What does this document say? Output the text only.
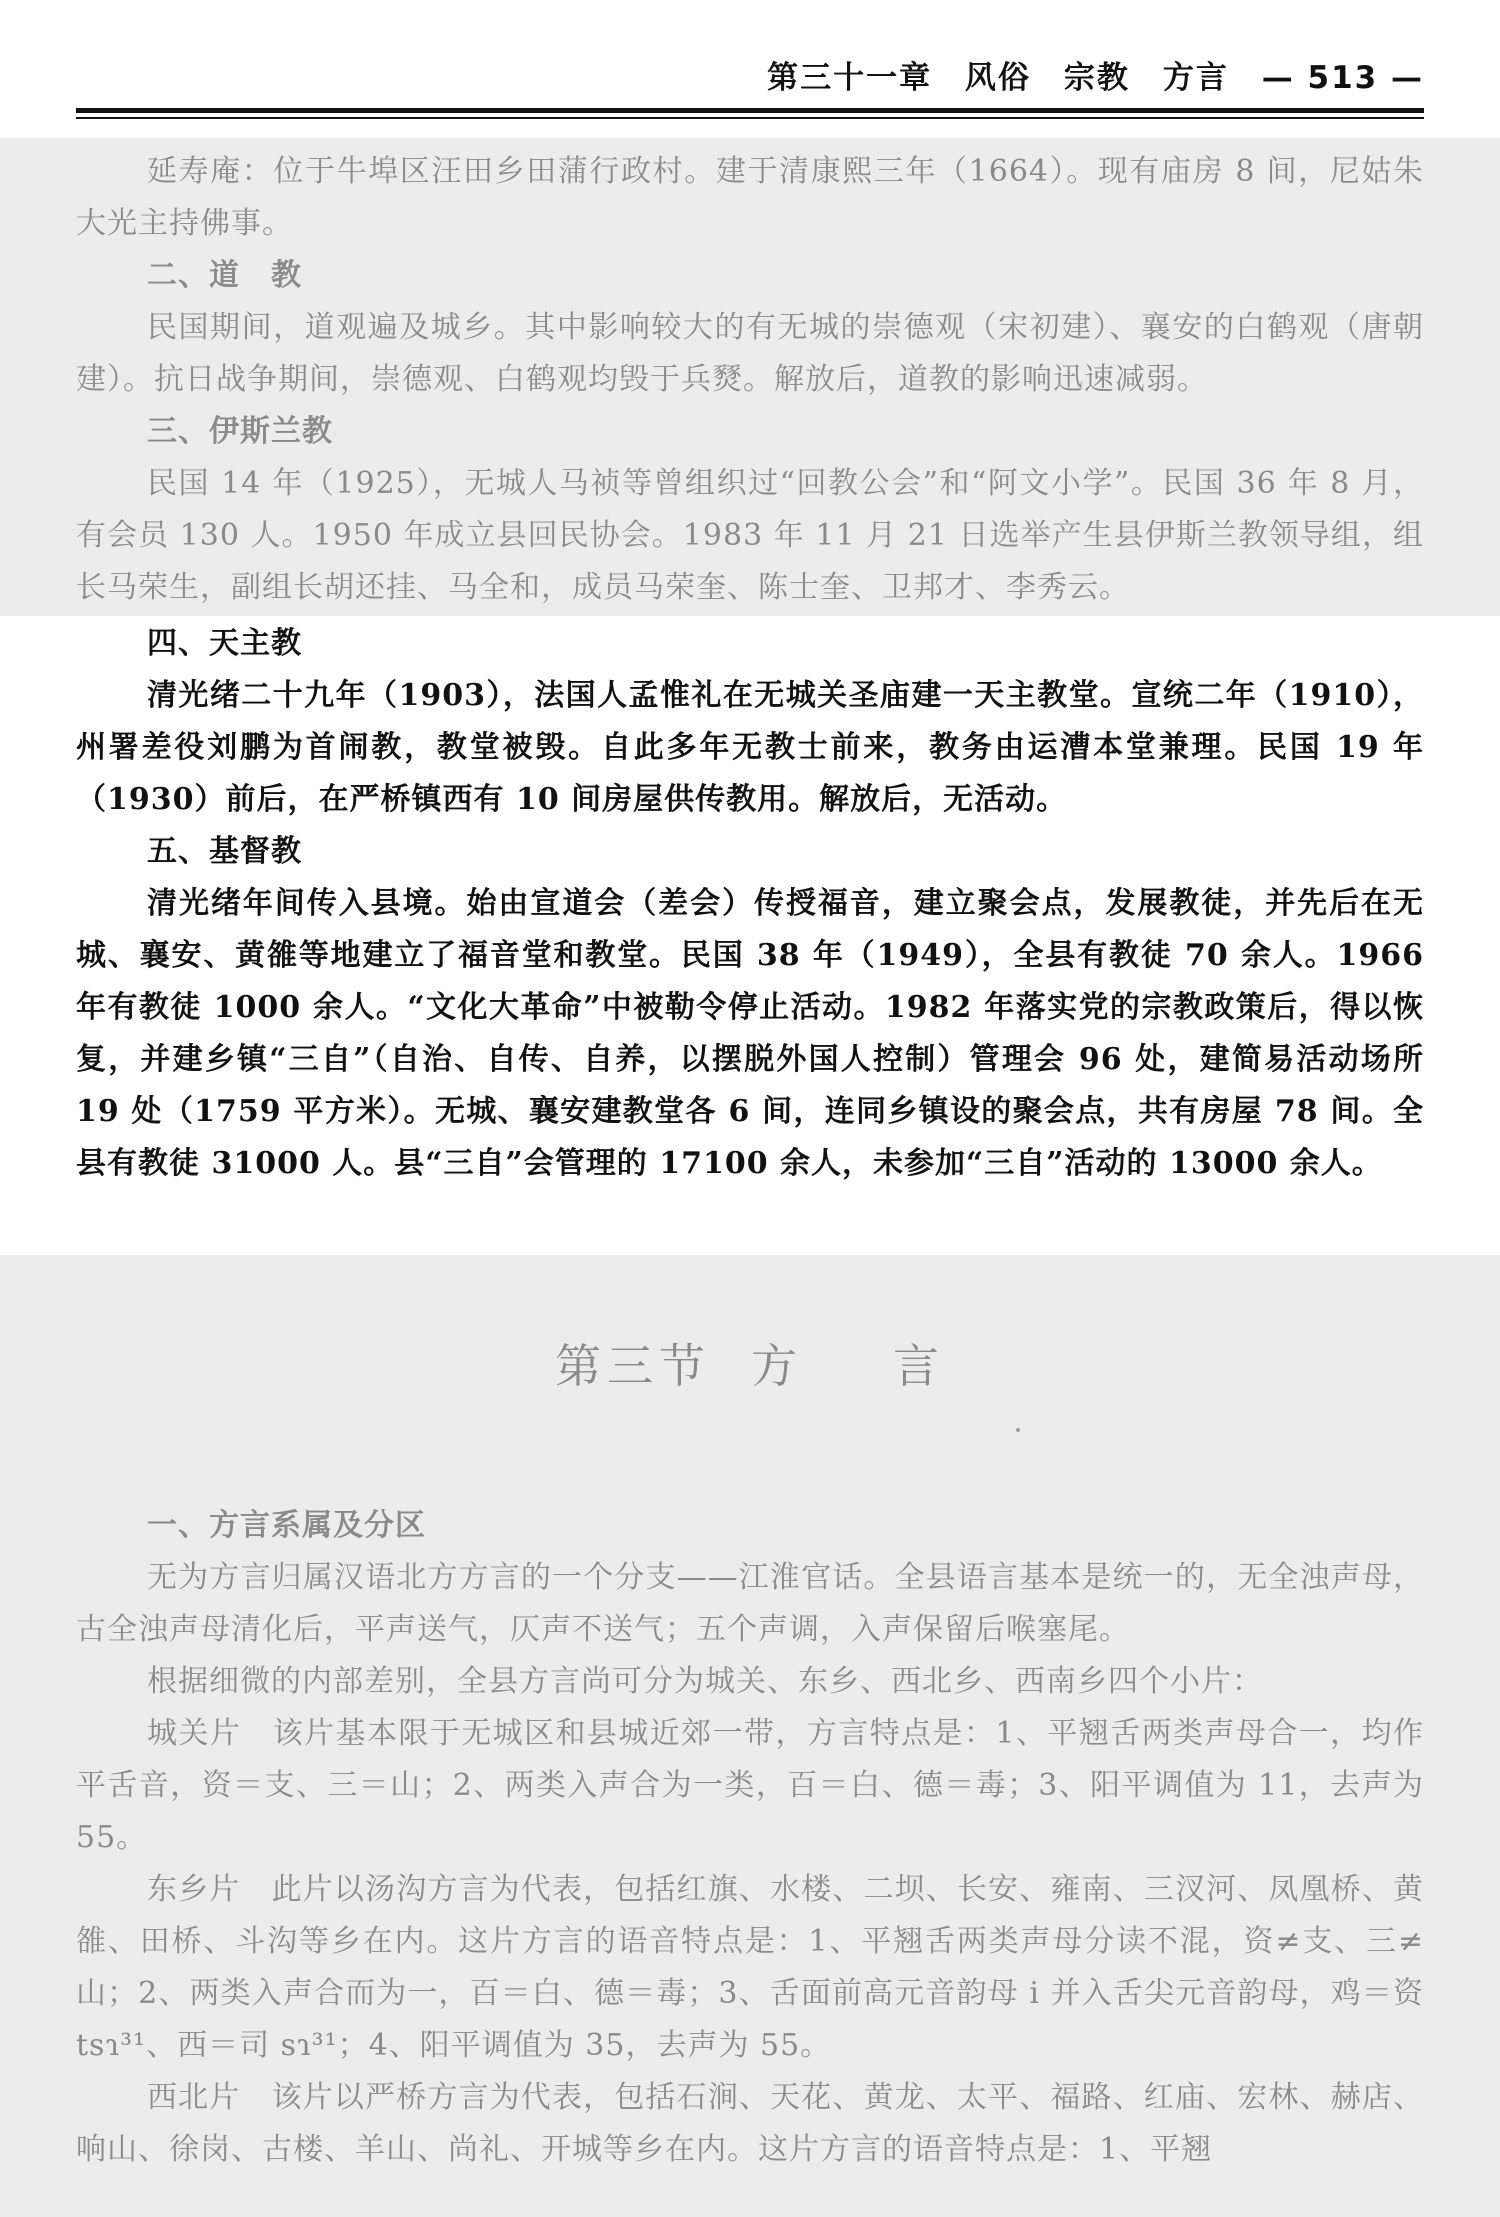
第三十一章 风俗　宗教　方言 — 513 —

延寿庵：位于牛埠区汪田乡田蒲行政村。建于清康熙三年（1664）。现有庙房 8 间，尼姑朱大光主持佛事。

二、道　教

民国期间，道观遍及城乡。其中影响较大的有无城的崇德观（宋初建）、襄安的白鹤观（唐朝建）。抗日战争期间，崇德观、白鹤观均毁于兵燹。解放后，道教的影响迅速减弱。

三、伊斯兰教

民国 14 年（1925），无城人马祯等曾组织过“回教公会”和“阿文小学”。民国 36 年 8 月，有会员 130 人。1950 年成立县回民协会。1983 年 11 月 21 日选举产生县伊斯兰教领导组，组长马荣生，副组长胡还挂、马全和，成员马荣奎、陈士奎、卫邦才、李秀云。

四、天主教

清光绪二十九年（1903），法国人孟惟礼在无城关圣庙建一天主教堂。宣统二年（1910），州署差役刘鹏为首闹教，教堂被毁。自此多年无教士前来，教务由运漕本堂兼理。民国 19 年（1930）前后，在严桥镇西有 10 间房屋供传教用。解放后，无活动。

五、基督教

清光绪年间传入县境。始由宣道会（差会）传授福音，建立聚会点，发展教徒，并先后在无城、襄安、黄雒等地建立了福音堂和教堂。民国 38 年（1949），全县有教徒 70 余人。1966 年有教徒 1000 余人。“文化大革命”中被勒令停止活动。1982 年落实党的宗教政策后，得以恢复，并建乡镇“三自”（自治、自传、自养，以摆脱外国人控制）管理会 96 处，建简易活动场所 19 处（1759 平方米）。无城、襄安建教堂各 6 间，连同乡镇设的聚会点，共有房屋 78 间。全县有教徒 31000 人。县“三自”会管理的 17100 余人，未参加“三自”活动的 13000 余人。

第三节 方 言

一、方言系属及分区

无为方言归属汉语北方方言的一个分支——江淮官话。全县语言基本是统一的，无全浊声母，古全浊声母清化后，平声送气，仄声不送气；五个声调，入声保留后喉塞尾。

根据细微的内部差别，全县方言尚可分为城关、东乡、西北乡、西南乡四个小片：

城关片　该片基本限于无城区和县城近郊一带，方言特点是：1、平翘舌两类声母合一，均作平舌音，资＝支、三＝山；2、两类入声合为一类，百＝白、德＝毒；3、阳平调值为 11，去声为 55。

东乡片　此片以汤沟方言为代表，包括红旗、水楼、二坝、长安、雍南、三汊河、凤凰桥、黄雒、田桥、斗沟等乡在内。这片方言的语音特点是：1、平翘舌两类声母分读不混，资≠支、三≠山；2、两类入声合而为一，百＝白、德＝毒；3、舌面前高元音韵母 i 并入舌尖元音韵母，鸡＝资 tsɿ³¹、西＝司 sɿ³¹；4、阳平调值为 35，去声为 55。

西北片　该片以严桥方言为代表，包括石涧、天花、黄龙、太平、福路、红庙、宏林、赫店、响山、徐岗、古楼、羊山、尚礼、开城等乡在内。这片方言的语音特点是：1、平翘
